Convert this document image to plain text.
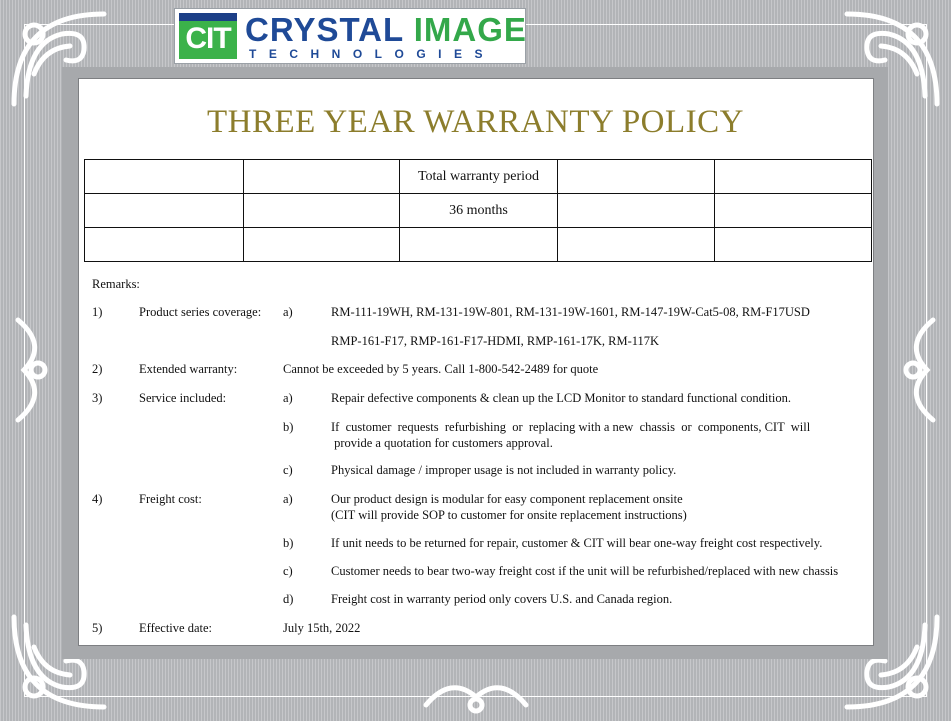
CIT CRYSTAL IMAGE
TECHNOLOGIES
THREE YEAR WARRANTY POLICY
		Total warranty period		
		36 months		

Remarks:
1)	Product series coverage: a)	RM-111-19WH, RM-131-19W-801, RM-131-19W-1601, RM-147-19W-Cat5-08, RM-F17USD
RMP-161-F17, RMP-161-F17-HDMI, RMP-161-17K, RM-117K
2)	Extended warranty:	Cannot be exceeded by 5 years. Call 1-800-542-2489 for quote
3)	Service included:	a)	Repair defective components & clean up the LCD Monitor to standard functional condition.
b)	If  customer  requests  refurbishing  or  replacing with a new  chassis  or  components, CIT  will
provide a quotation for customers approval.
c)	Physical damage / improper usage is not included in warranty policy.
4)	Freight cost:	a)	Our product design is modular for easy component replacement onsite
(CIT will provide SOP to customer for onsite replacement instructions)
b)	If unit needs to be returned for repair, customer & CIT will bear one-way freight cost respectively.
c)	Customer needs to bear two-way freight cost if the unit will be refurbished/replaced with new chassis
d)	Freight cost in warranty period only covers U.S. and Canada region.
5)	Effective date:	July 15th, 2022
